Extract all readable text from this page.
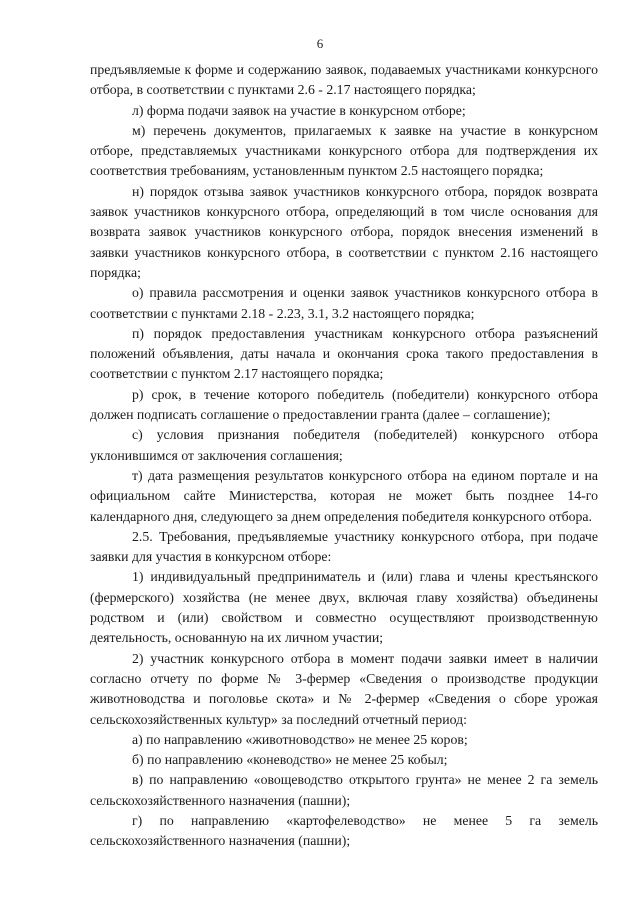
6

предъявляемые к форме и содержанию заявок, подаваемых участниками конкурсного отбора, в соответствии с пунктами 2.6 - 2.17 настоящего порядка;

л) форма подачи заявок на участие в конкурсном отборе;

м) перечень документов, прилагаемых к заявке на участие в конкурсном отборе, представляемых участниками конкурсного отбора для подтверждения их соответствия требованиям, установленным пунктом 2.5 настоящего порядка;

н) порядок отзыва заявок участников конкурсного отбора, порядок возврата заявок участников конкурсного отбора, определяющий в том числе основания для возврата заявок участников конкурсного отбора, порядок внесения изменений в заявки участников конкурсного отбора, в соответствии с пунктом 2.16 настоящего порядка;

о) правила рассмотрения и оценки заявок участников конкурсного отбора в соответствии с пунктами 2.18 - 2.23, 3.1, 3.2 настоящего порядка;

п) порядок предоставления участникам конкурсного отбора разъяснений положений объявления, даты начала и окончания срока такого предоставления в соответствии с пунктом 2.17 настоящего порядка;

р) срок, в течение которого победитель (победители) конкурсного отбора должен подписать соглашение о предоставлении гранта (далее – соглашение);

с) условия признания победителя (победителей) конкурсного отбора уклонившимся от заключения соглашения;

т) дата размещения результатов конкурсного отбора на едином портале и на официальном сайте Министерства, которая не может быть позднее 14-го календарного дня, следующего за днем определения победителя конкурсного отбора.

2.5. Требования, предъявляемые участнику конкурсного отбора, при подаче заявки для участия в конкурсном отборе:

1) индивидуальный предприниматель и (или) глава и члены крестьянского (фермерского) хозяйства (не менее двух, включая главу хозяйства) объединены родством и (или) свойством и совместно осуществляют производственную деятельность, основанную на их личном участии;

2) участник конкурсного отбора в момент подачи заявки имеет в наличии согласно отчету по форме № 3-фермер «Сведения о производстве продукции животноводства и поголовье скота» и № 2-фермер «Сведения о сборе урожая сельскохозяйственных культур» за последний отчетный период:

а) по направлению «животноводство» не менее 25 коров;

б) по направлению «коневодство» не менее 25 кобыл;

в) по направлению «овощеводство открытого грунта» не менее 2 га земель сельскохозяйственного назначения (пашни);

г) по направлению «картофелеводство» не менее 5 га земель сельскохозяйственного назначения (пашни);
